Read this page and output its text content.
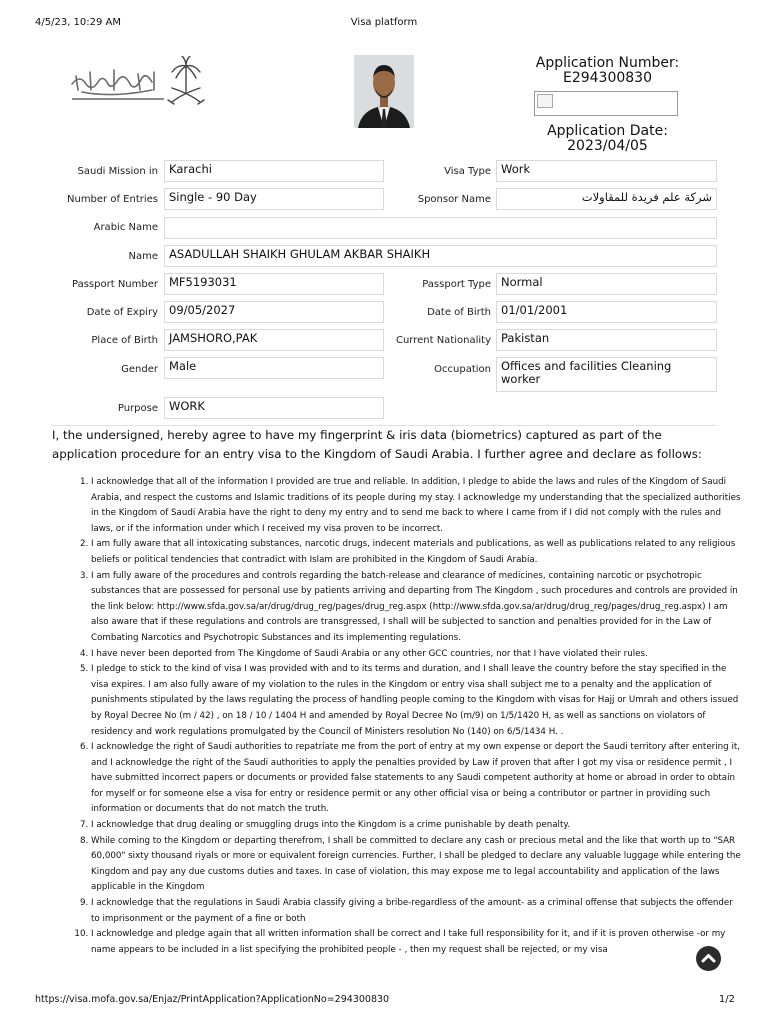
4/5/23, 10:29 AM	Visa platform
Application Number:
E294300830
Application Date:
2023/04/05
Saudi Mission in Karachi	Visa Type Work
Number of Entries Single - 90 Day	Sponsor Name	شركة علم فريدة للمقاولات
Arabic Name
Name ASADULLAH SHAIKH GHULAM AKBAR SHAIKH
Passport Number MF5193031	Passport Type Normal
Date of Expiry 09/05/2027	Date of Birth 01/01/2001
Place of Birth JAMSHORO,PAK	Current Nationality Pakistan
Gender Male	Occupation Offices and facilities Cleaning worker
Purpose WORK
I, the undersigned, hereby agree to have my fingerprint & iris data (biometrics) captured as part of the application procedure for an entry visa to the Kingdom of Saudi Arabia. I further agree and declare as follows:
1. I acknowledge that all of the information I provided are true and reliable. In addition, I pledge to abide the laws and rules of the Kingdom of Saudi Arabia, and respect the customs and Islamic traditions of its people during my stay. I acknowledge my understanding that the specialized authorities in the Kingdom of Saudi Arabia have the right to deny my entry and to send me back to where I came from if I did not comply with the rules and laws, or if the information under which I received my visa proven to be incorrect.
2. I am fully aware that all intoxicating substances, narcotic drugs, indecent materials and publications, as well as publications related to any religious beliefs or political tendencies that contradict with Islam are prohibited in the Kingdom of Saudi Arabia.
3. I am fully aware of the procedures and controls regarding the batch-release and clearance of medicines, containing narcotic or psychotropic substances that are possessed for personal use by patients arriving and departing from The Kingdom , such procedures and controls are provided in the link below: http://www.sfda.gov.sa/ar/drug/drug_reg/pages/drug_reg.aspx (http://www.sfda.gov.sa/ar/drug/drug_reg/pages/drug_reg.aspx) I am also aware that if these regulations and controls are transgressed, I shall will be subjected to sanction and penalties provided for in the Law of Combating Narcotics and Psychotropic Substances and its implementing regulations.
4. I have never been deported from The Kingdome of Saudi Arabia or any other GCC countries, nor that I have violated their rules.
5. I pledge to stick to the kind of visa I was provided with and to its terms and duration, and I shall leave the country before the stay specified in the visa expires. I am also fully aware of my violation to the rules in the Kingdom or entry visa shall subject me to a penalty and the application of punishments stipulated by the laws regulating the process of handling people coming to the Kingdom with visas for Hajj or Umrah and others issued by Royal Decree No (m / 42) , on 18 / 10 / 1404 H and amended by Royal Decree No (m/9) on 1/5/1420 H, as well as sanctions on violators of residency and work regulations promulgated by the Council of Ministers resolution No (140) on 6/5/1434 H. .
6. I acknowledge the right of Saudi authorities to repatriate me from the port of entry at my own expense or deport the Saudi territory after entering it, and I acknowledge the right of the Saudi authorities to apply the penalties provided by Law if proven that after I got my visa or residence permit , I have submitted incorrect papers or documents or provided false statements to any Saudi competent authority at home or abroad in order to obtain for myself or for someone else a visa for entry or residence permit or any other official visa or being a contributor or partner in providing such information or documents that do not match the truth.
7. I acknowledge that drug dealing or smuggling drugs into the Kingdom is a crime punishable by death penalty.
8. While coming to the Kingdom or departing therefrom, I shall be committed to declare any cash or precious metal and the like that worth up to "SAR 60,000" sixty thousand riyals or more or equivalent foreign currencies. Further, I shall be pledged to declare any valuable luggage while entering the Kingdom and pay any due customs duties and taxes. In case of violation, this may expose me to legal accountability and application of the laws applicable in the Kingdom
9. I acknowledge that the regulations in Saudi Arabia classify giving a bribe-regardless of the amount- as a criminal offense that subjects the offender to imprisonment or the payment of a fine or both
10. I acknowledge and pledge again that all written information shall be correct and I take full responsibility for it, and if it is proven otherwise -or my name appears to be included in a list specifying the prohibited people - , then my request shall be rejected, or my visa
https://visa.mofa.gov.sa/Enjaz/PrintApplication?ApplicationNo=294300830	1/2
